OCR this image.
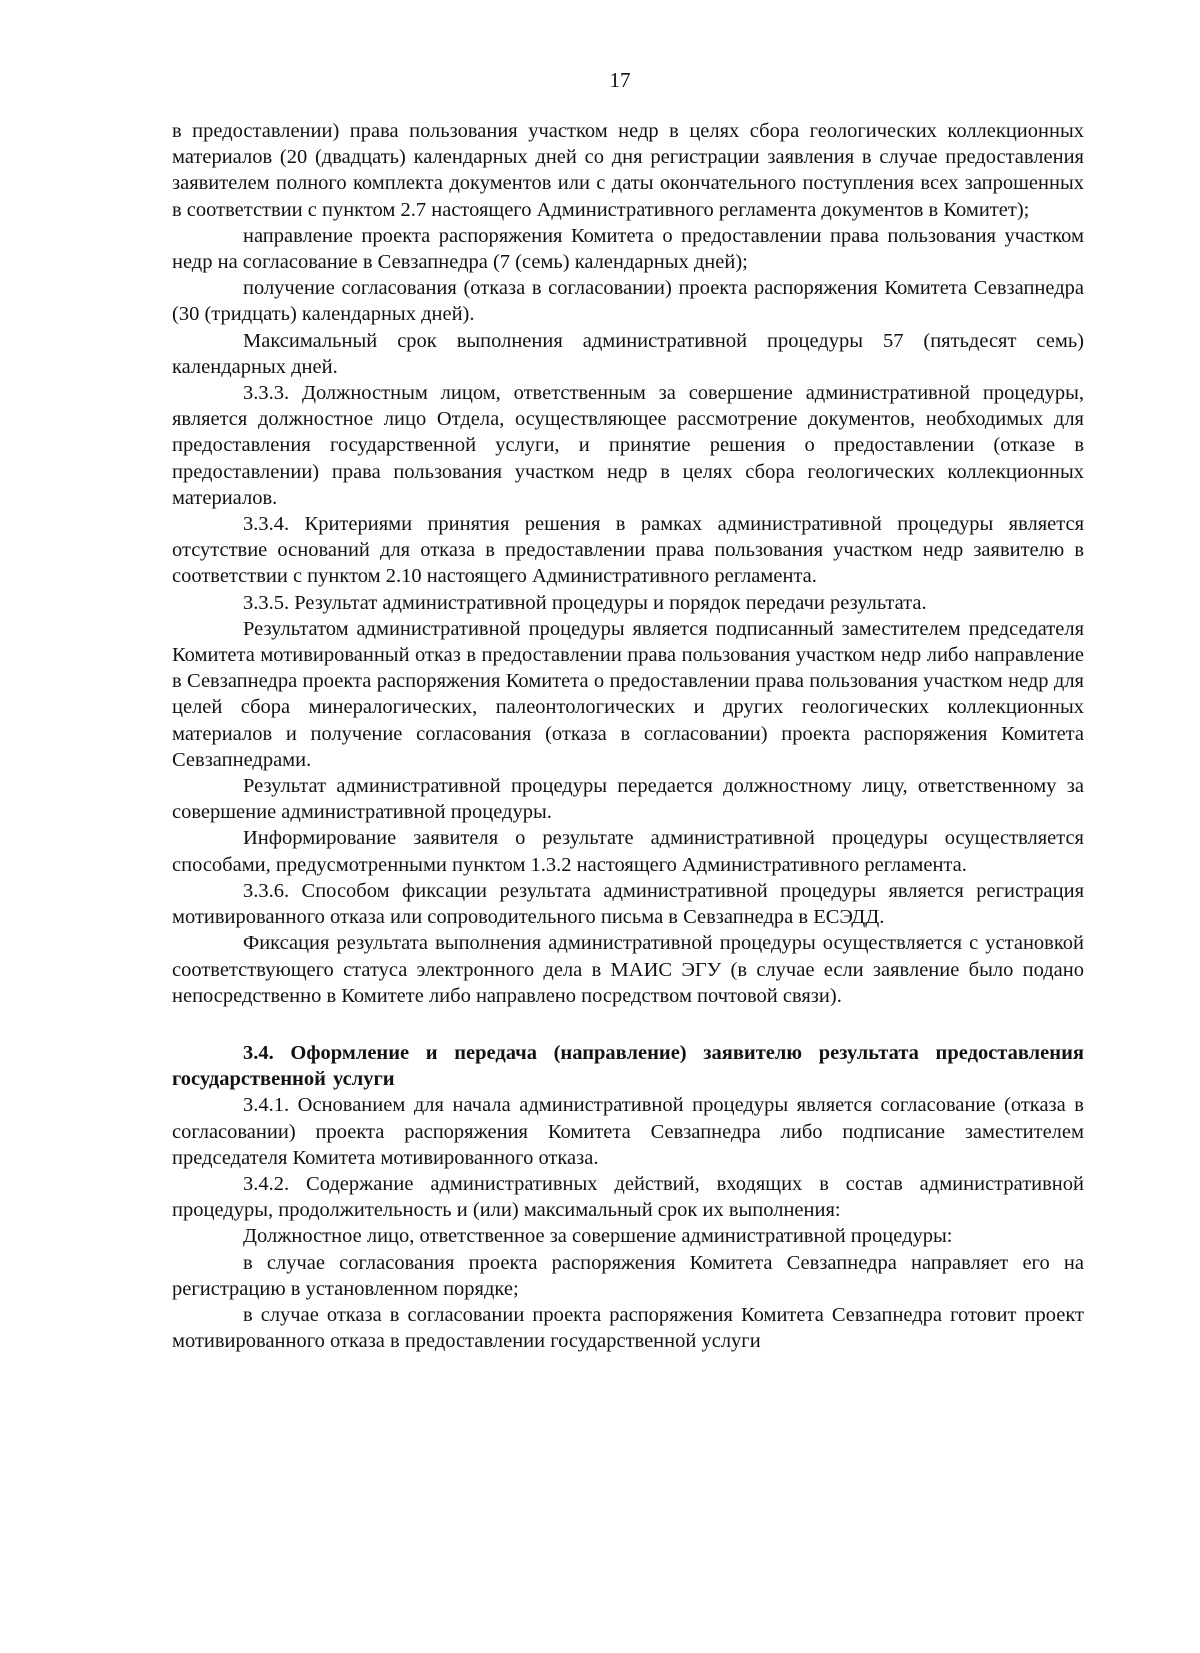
17

в предоставлении) права пользования участком недр в целях сбора геологических коллекционных материалов (20 (двадцать) календарных дней со дня регистрации заявления в случае предоставления заявителем полного комплекта документов или с даты окончательного поступления всех запрошенных в соответствии с пунктом 2.7 настоящего Административного регламента документов в Комитет);

направление проекта распоряжения Комитета о предоставлении права пользования участком недр на согласование в Севзапнедра (7 (семь) календарных дней);

получение согласования (отказа в согласовании) проекта распоряжения Комитета Севзапнедра (30 (тридцать) календарных дней).

Максимальный срок выполнения административной процедуры 57 (пятьдесят семь) календарных дней.

3.3.3. Должностным лицом, ответственным за совершение административной процедуры, является должностное лицо Отдела, осуществляющее рассмотрение документов, необходимых для предоставления государственной услуги, и принятие решения о предоставлении (отказе в предоставлении) права пользования участком недр в целях сбора геологических коллекционных материалов.

3.3.4. Критериями принятия решения в рамках административной процедуры является отсутствие оснований для отказа в предоставлении права пользования участком недр заявителю в соответствии с пунктом 2.10 настоящего Административного регламента.

3.3.5. Результат административной процедуры и порядок передачи результата.

Результатом административной процедуры является подписанный заместителем председателя Комитета мотивированный отказ в предоставлении права пользования участком недр либо направление в Севзапнедра проекта распоряжения Комитета о предоставлении права пользования участком недр для целей сбора минералогических, палеонтологических и других геологических коллекционных материалов и получение согласования (отказа в согласовании) проекта распоряжения Комитета Севзапнедрами.

Результат административной процедуры передается должностному лицу, ответственному за совершение административной процедуры.

Информирование заявителя о результате административной процедуры осуществляется способами, предусмотренными пунктом 1.3.2 настоящего Административного регламента.

3.3.6. Способом фиксации результата административной процедуры является регистрация мотивированного отказа или сопроводительного письма в Севзапнедра в ЕСЭДД.

Фиксация результата выполнения административной процедуры осуществляется с установкой соответствующего статуса электронного дела в МАИС ЭГУ (в случае если заявление было подано непосредственно в Комитете либо направлено посредством почтовой связи).

3.4. Оформление и передача (направление) заявителю результата предоставления государственной услуги

3.4.1. Основанием для начала административной процедуры является согласование (отказа в согласовании) проекта распоряжения Комитета Севзапнедра либо подписание заместителем председателя Комитета мотивированного отказа.

3.4.2. Содержание административных действий, входящих в состав административной процедуры, продолжительность и (или) максимальный срок их выполнения:

Должностное лицо, ответственное за совершение административной процедуры:

в случае согласования проекта распоряжения Комитета Севзапнедра направляет его на регистрацию в установленном порядке;

в случае отказа в согласовании проекта распоряжения Комитета Севзапнедра готовит проект мотивированного отказа в предоставлении государственной услуги
